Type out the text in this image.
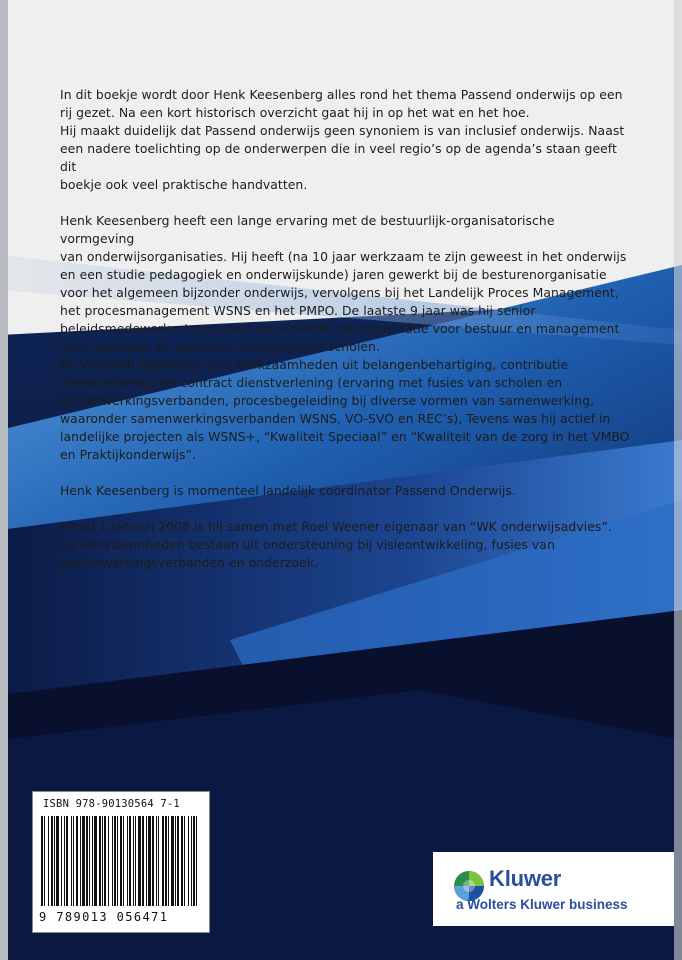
In dit boekje wordt door Henk Keesenberg alles rond het thema Passend onderwijs op een
rij gezet. Na een kort historisch overzicht gaat hij in op het wat en het hoe.
Hij maakt duidelijk dat Passend onderwijs geen synoniem is van inclusief onderwijs. Naast
een nadere toelichting op de onderwerpen die in veel regio’s op de agenda’s staan geeft dit
boekje ook veel praktische handvatten.

Henk Keesenberg heeft een lange ervaring met de bestuurlijk-organisatorische vormgeving
van onderwijsorganisaties. Hij heeft (na 10 jaar werkzaam te zijn geweest in het onderwijs
en een studie pedagogiek en onderwijskunde) jaren gewerkt bij de besturenorganisatie
voor het algemeen bijzonder onderwijs, vervolgens bij het Landelijk Proces Management,
het procesmanagement WSNS en het PMPO. De laatste 9 jaar was hij senior
beleidsmedewerker/consultant bij VOS/ABB, de organisatie voor bestuur en management
voor openbaar en algemeen toegankelijke scholen.
Bij VOS/ABB bestonden zijn werkzaamheden uit belangenbehartiging, contributie
dienstverlening en contract dienstverlening (ervaring met fusies van scholen en
samenwerkingsverbanden, procesbegeleiding bij diverse vormen van samenwerking,
waaronder samenwerkingsverbanden WSNS, VO-SVO en REC’s), Tevens was hij actief in
landelijke projecten als WSNS+, “Kwaliteit Speciaal” en “Kwaliteit van de zorg in het VMBO
en Praktijkonderwijs”.

Henk Keesenberg is momenteel landelijk coördinator Passend Onderwijs.

Vanaf 1 januari 2008 is hij samen met Roel Weener eigenaar van “WK onderwijsadvies”.
De werkzaamheden bestaan uit ondersteuning bij visieontwikkeling, fusies van
samenwerkingsverbanden en onderzoek.

ISBN 978-90130564 7-1
9 789013 056471
Kluwer
a Wolters Kluwer business
